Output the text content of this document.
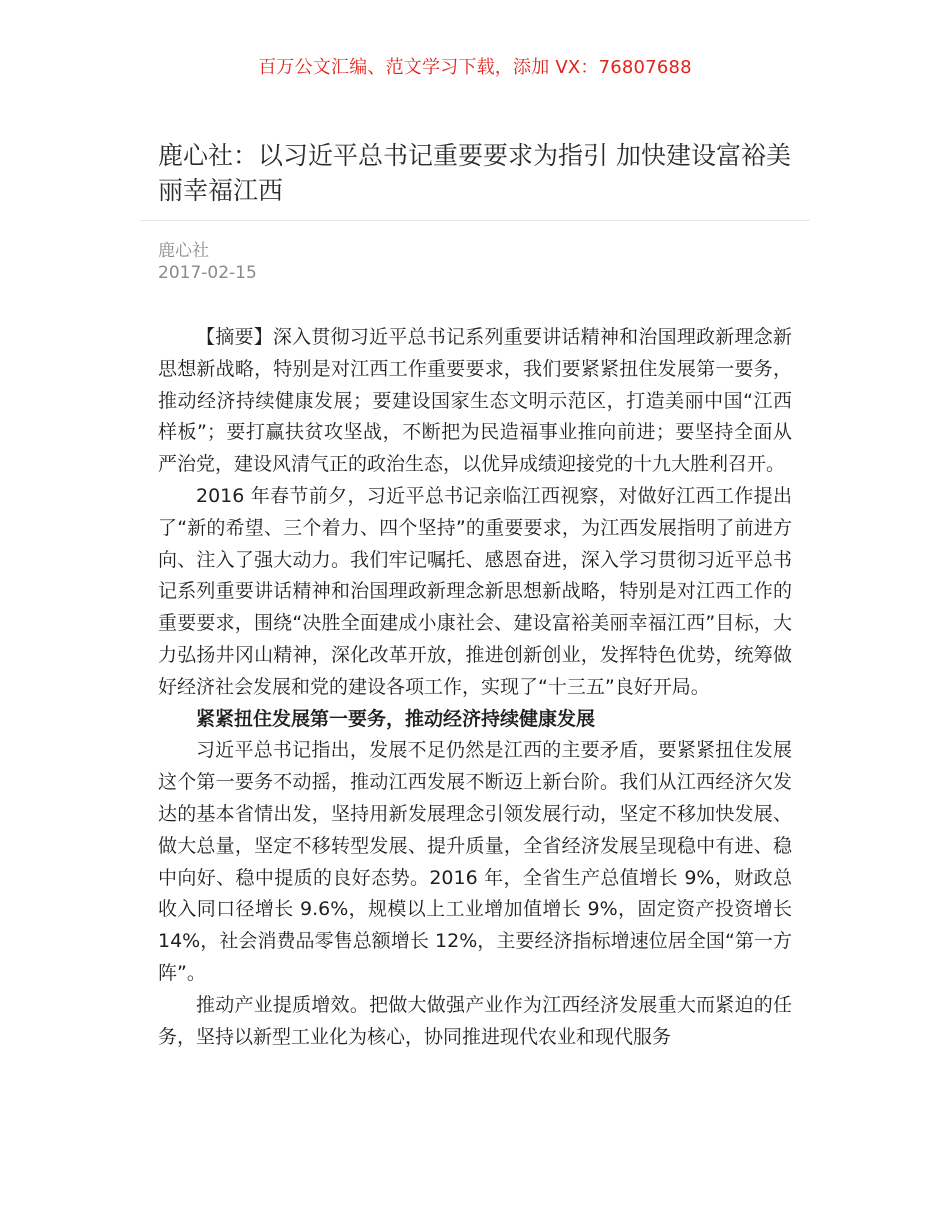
百万公文汇编、范文学习下载，添加 VX：76807688
鹿心社：以习近平总书记重要要求为指引 加快建设富裕美丽幸福江西
鹿心社
2017-02-15

【摘要】深入贯彻习近平总书记系列重要讲话精神和治国理政新理念新思想新战略，特别是对江西工作重要要求，我们要紧紧扭住发展第一要务，推动经济持续健康发展；要建设国家生态文明示范区，打造美丽中国“江西样板”；要打赢扶贫攻坚战，不断把为民造福事业推向前进；要坚持全面从严治党，建设风清气正的政治生态，以优异成绩迎接党的十九大胜利召开。

2016 年春节前夕，习近平总书记亲临江西视察，对做好江西工作提出了“新的希望、三个着力、四个坚持”的重要要求，为江西发展指明了前进方向、注入了强大动力。我们牢记嘱托、感恩奋进，深入学习贯彻习近平总书记系列重要讲话精神和治国理政新理念新思想新战略，特别是对江西工作的重要要求，围绕“决胜全面建成小康社会、建设富裕美丽幸福江西”目标，大力弘扬井冈山精神，深化改革开放，推进创新创业，发挥特色优势，统筹做好经济社会发展和党的建设各项工作，实现了“十三五”良好开局。

紧紧扭住发展第一要务，推动经济持续健康发展

习近平总书记指出，发展不足仍然是江西的主要矛盾，要紧紧扭住发展这个第一要务不动摇，推动江西发展不断迈上新台阶。我们从江西经济欠发达的基本省情出发，坚持用新发展理念引领发展行动，坚定不移加快发展、做大总量，坚定不移转型发展、提升质量，全省经济发展呈现稳中有进、稳中向好、稳中提质的良好态势。2016 年，全省生产总值增长 9%，财政总收入同口径增长 9.6%，规模以上工业增加值增长 9%，固定资产投资增长 14%，社会消费品零售总额增长 12%，主要经济指标增速位居全国“第一方阵”。

推动产业提质增效。把做大做强产业作为江西经济发展重大而紧迫的任务，坚持以新型工业化为核心，协同推进现代农业和现代服务
